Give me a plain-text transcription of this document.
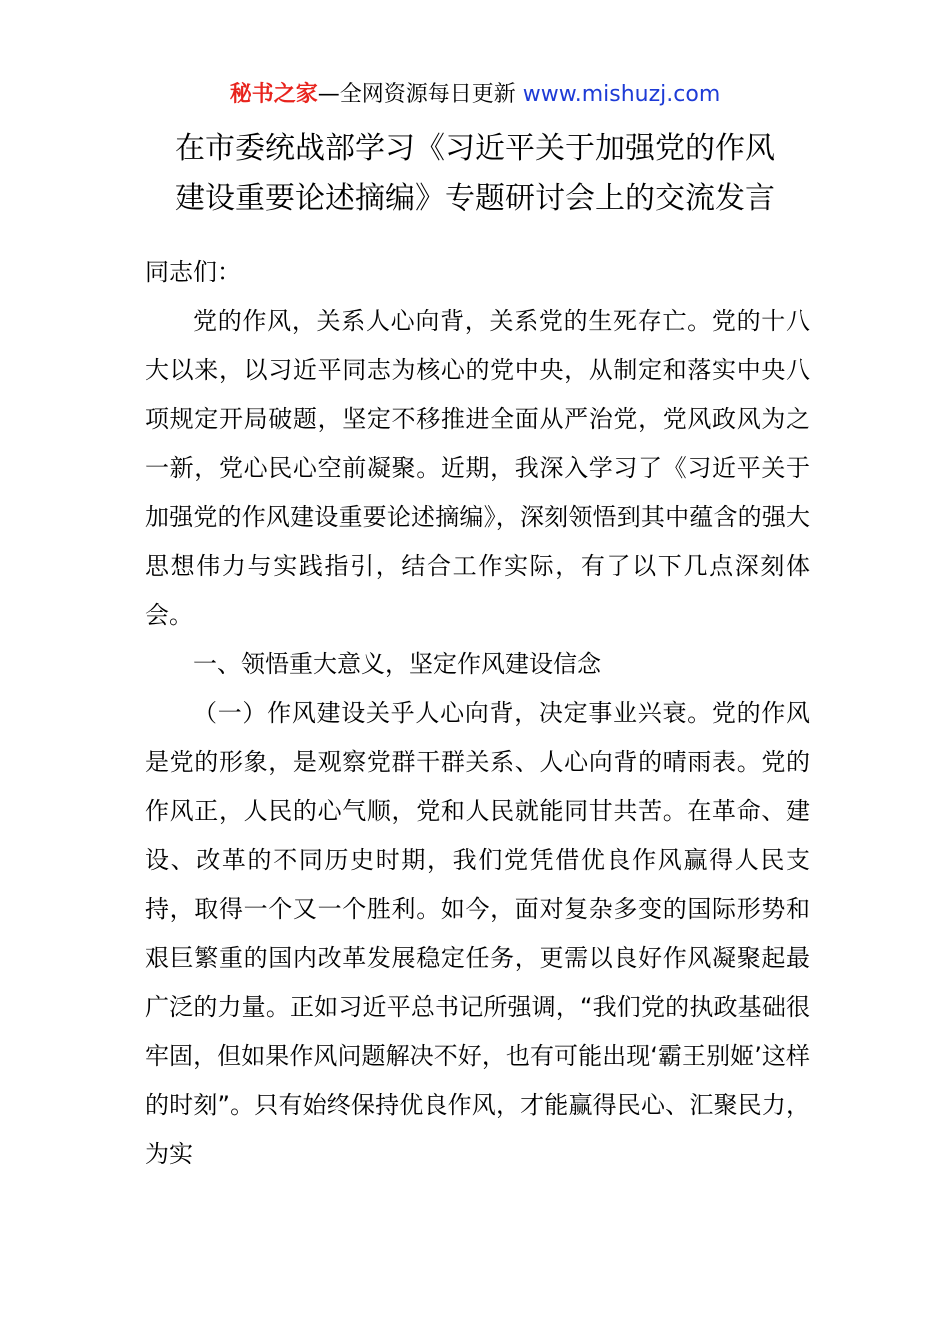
秘书之家—全网资源每日更新 www.mishuzj.com
在市委统战部学习《习近平关于加强党的作风
建设重要论述摘编》专题研讨会上的交流发言

同志们：

党的作风，关系人心向背，关系党的生死存亡。党的十八大以来，以习近平同志为核心的党中央，从制定和落实中央八项规定开局破题，坚定不移推进全面从严治党，党风政风为之一新，党心民心空前凝聚。近期，我深入学习了《习近平关于加强党的作风建设重要论述摘编》，深刻领悟到其中蕴含的强大思想伟力与实践指引，结合工作实际，有了以下几点深刻体会。

一、领悟重大意义，坚定作风建设信念

（一）作风建设关乎人心向背，决定事业兴衰。党的作风是党的形象，是观察党群干群关系、人心向背的晴雨表。党的作风正，人民的心气顺，党和人民就能同甘共苦。在革命、建设、改革的不同历史时期，我们党凭借优良作风赢得人民支持，取得一个又一个胜利。如今，面对复杂多变的国际形势和艰巨繁重的国内改革发展稳定任务，更需以良好作风凝聚起最广泛的力量。正如习近平总书记所强调，“我们党的执政基础很牢固，但如果作风问题解决不好，也有可能出现‘霸王别姬’这样的时刻”。只有始终保持优良作风，才能赢得民心、汇聚民力，为实
